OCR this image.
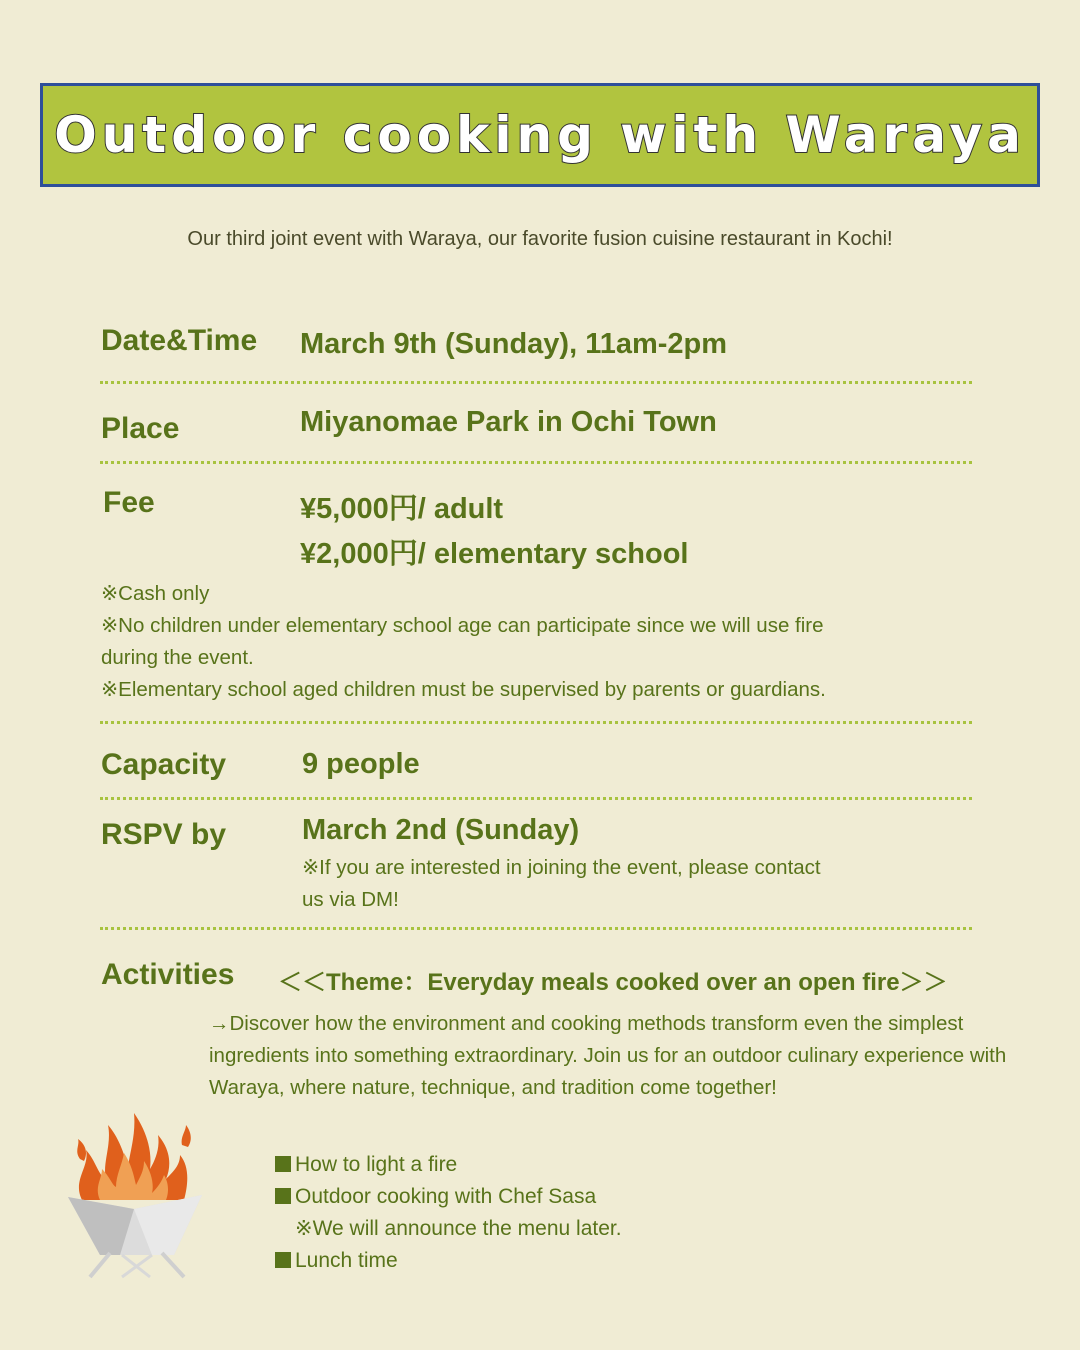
Outdoor cooking with Waraya
Our third joint event with Waraya, our favorite fusion cuisine restaurant in Kochi!
Date&Time March 9th (Sunday), 11am-2pm
Place	Miyanomae Park in Ochi Town
Fee	¥5,000円/ adult
¥2,000円/ elementary school
※Cash only
※No children under elementary school age can participate since we will use fire
during the event.
※Elementary school aged children must be supervised by parents or guardians.
Capacity	9 people
RSPV by	March 2nd (Sunday)
※If you are interested in joining the event, please contact
us via DM!
Activities ＜＜Theme：Everyday meals cooked over an open fire＞＞
→Discover how the environment and cooking methods transform even the simplest ingredients into something extraordinary. Join us for an outdoor culinary experience with Waraya, where nature, technique, and tradition come together!
How to light a fire
Outdoor cooking with Chef Sasa
※We will announce the menu later.
Lunch time
